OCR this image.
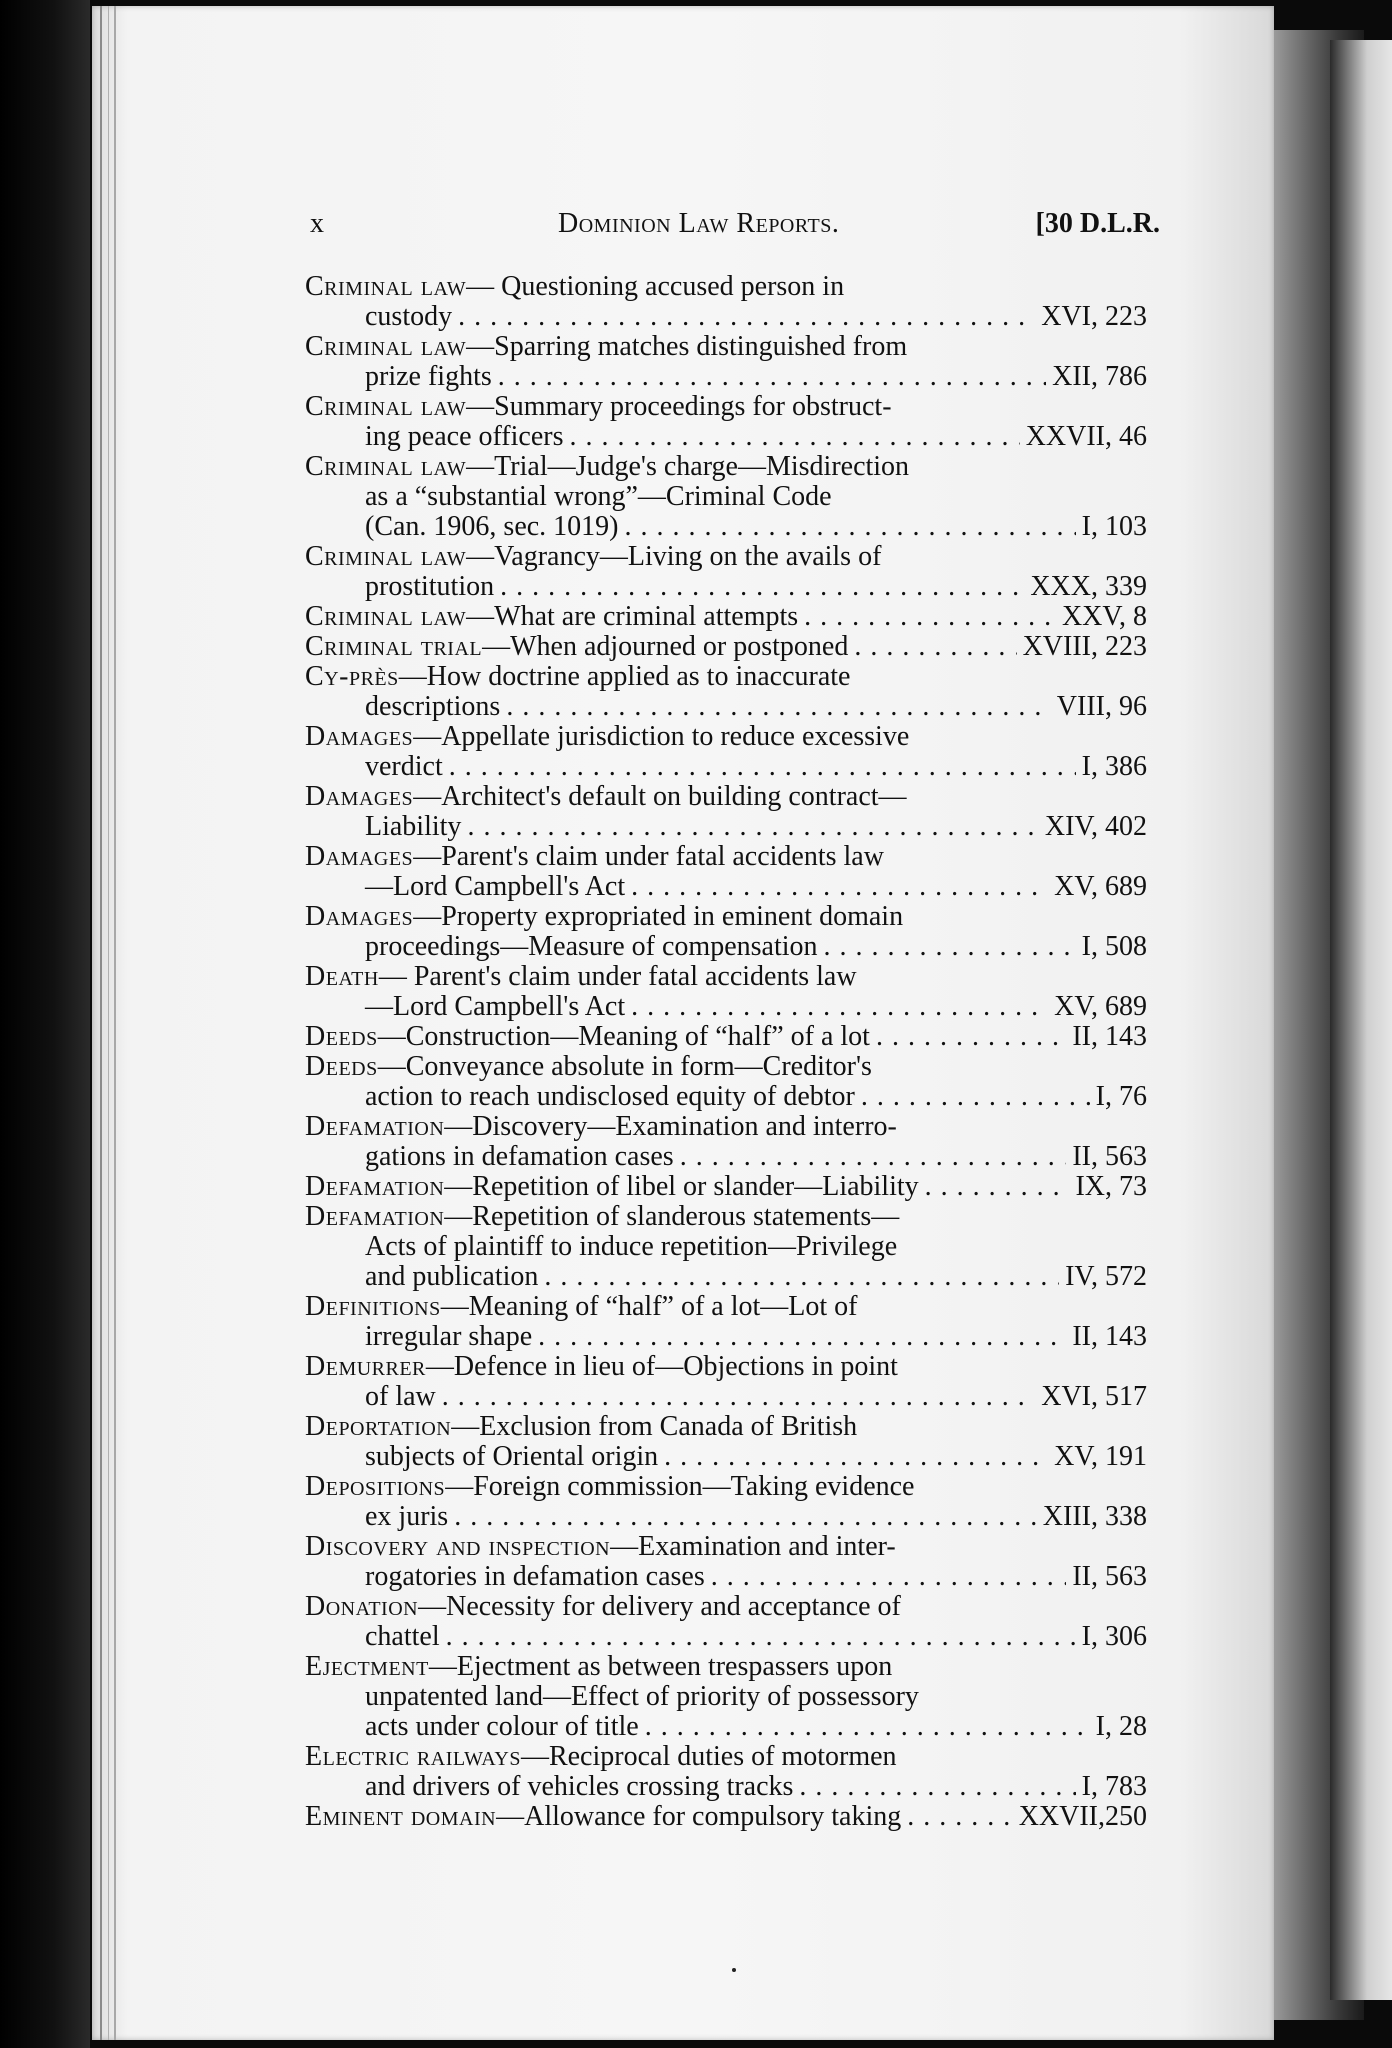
x	Dominion Law Reports.	[30 D.L.R.
Criminal law — Questioning accused person in
custody . . .	XVI, 223
Criminal law —Sparring matches distinguished from
prize fights . . .	XII, 786
Criminal law —Summary proceedings for obstruct-
ing peace officers . . .	XXVII, 46
Criminal law —Trial—Judge's charge—Misdirection
as a “substantial wrong”—Criminal Code
(Can. 1906, sec. 1019) . . .	I, 103
Criminal law —Vagrancy—Living on the avails of
prostitution . . .	XXX, 339
Criminal law —What are criminal attempts . . .	XXV, 8
Criminal trial —When adjourned or postponed . . .	XVIII, 223
Cy-près —How doctrine applied as to inaccurate
descriptions . . .	VIII, 96
Damages —Appellate jurisdiction to reduce excessive
verdict . . .	I, 386
Damages —Architect's default on building contract—
Liability . . .	XIV, 402
Damages —Parent's claim under fatal accidents law
—Lord Campbell's Act . . .	XV, 689
Damages —Property expropriated in eminent domain
proceedings—Measure of compensation . . .	I, 508
Death — Parent's claim under fatal accidents law
—Lord Campbell's Act . . .	XV, 689
Deeds —Construction—Meaning of “half” of a lot . . .	II, 143
Deeds —Conveyance absolute in form—Creditor's
action to reach undisclosed equity of debtor . . .	I, 76
Defamation —Discovery—Examination and interro-
gations in defamation cases . . .	II, 563
Defamation —Repetition of libel or slander—Liability . . .	IX, 73
Defamation —Repetition of slanderous statements—
Acts of plaintiff to induce repetition—Privilege
and publication . . .	IV, 572
Definitions —Meaning of “half” of a lot—Lot of
irregular shape . . .	II, 143
Demurrer —Defence in lieu of—Objections in point
of law . . .	XVI, 517
Deportation —Exclusion from Canada of British
subjects of Oriental origin . . .	XV, 191
Depositions —Foreign commission—Taking evidence
ex juris . . .	XIII, 338
Discovery and inspection —Examination and inter-
rogatories in defamation cases . . .	II, 563
Donation —Necessity for delivery and acceptance of
chattel . . .	I, 306
Ejectment —Ejectment as between trespassers upon
unpatented land—Effect of priority of possessory
acts under colour of title . . .	I, 28
Electric railways —Reciprocal duties of motormen
and drivers of vehicles crossing tracks . . .	I, 783
Eminent domain —Allowance for compulsory taking . . .	XXVII,250
